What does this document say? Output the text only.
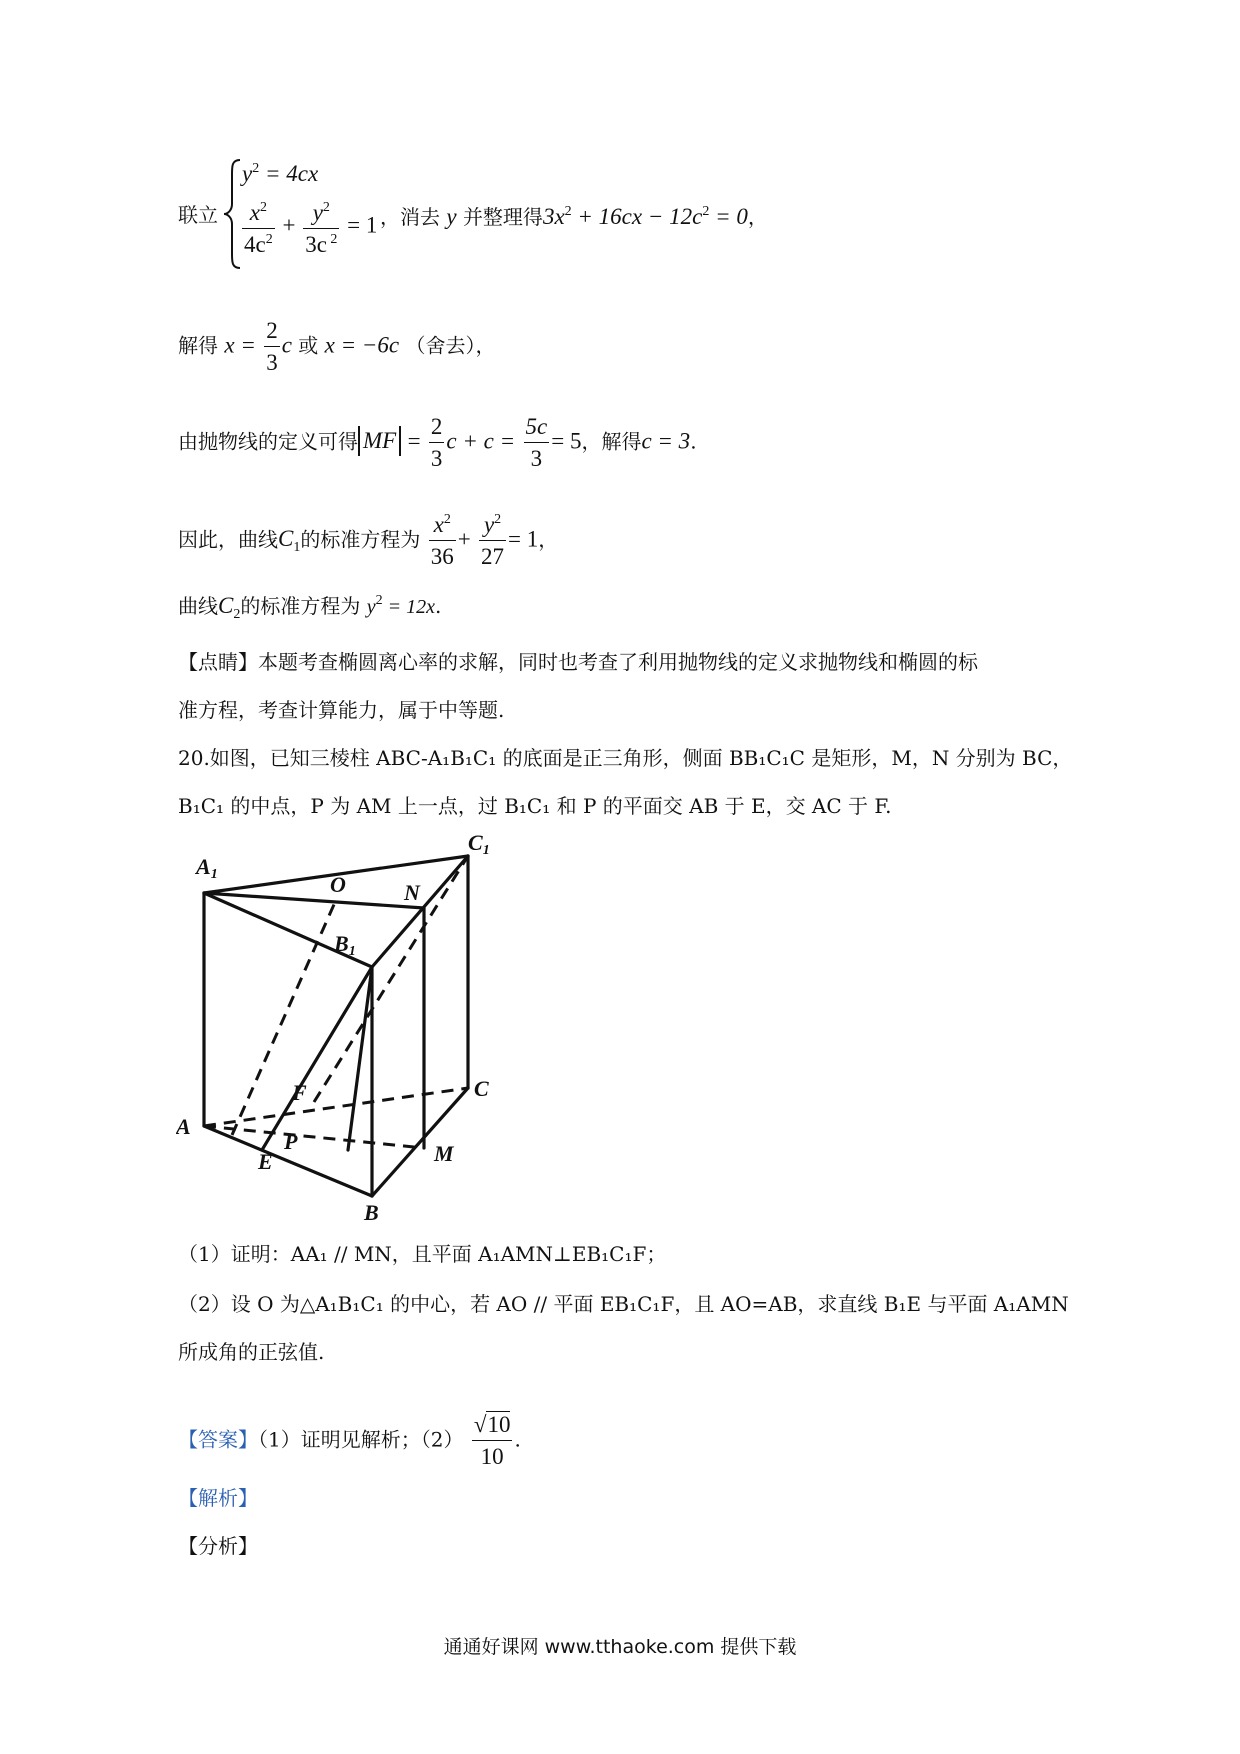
联立
$y^2 = 4cx$
$\frac{x^2}{4c^2} + \frac{y^2}{3c ^2} = 1$ ，消去 y 并整理得$3x^2 + 16cx - 12c^2 = 0$，
解得 $x = \frac{2}{3}$ c 或 x = −6c （舍去），
由抛物线的定义可得 MF = $\frac{2}{3}$ $c + c = \frac{5c}{3} = 5$，解得c = 3.
因此，曲线$C_1$的标准方程为 $\frac{x^2}{36} + \frac{y^2}{27} = 1$，
曲线$C_2$的标准方程为 $y^2 = 12x$.
【点睛】本题考查椭圆离心率的求解，同时也考查了利用抛物线的定义求抛物线和椭圆的标
准方程，考查计算能力，属于中等题.
20.如图，已知三棱柱 ABC-A₁B₁C₁ 的底面是正三角形，侧面 BB₁C₁C 是矩形，M，N 分别为 BC，
B₁C₁ 的中点，P 为 AM 上一点，过 B₁C₁ 和 P 的平面交 AB 于 E，交 AC 于 F.
A1
C1
O	N
B1
F	C
A
P
E	M
B
（1）证明：AA₁ // MN，且平面 A₁AMN⊥EB₁C₁F；
（2）设 O 为△A₁B₁C₁ 的中心，若 AO // 平面 EB₁C₁F，且 AO=AB，求直线 B₁E 与平面 A₁AMN
所成角的正弦值.
【答案】（1）证明见解析；$(2) \frac{√10}{10}$ .
【解析】
【分析】
通通好课网 www.tthaoke.com 提供下载
